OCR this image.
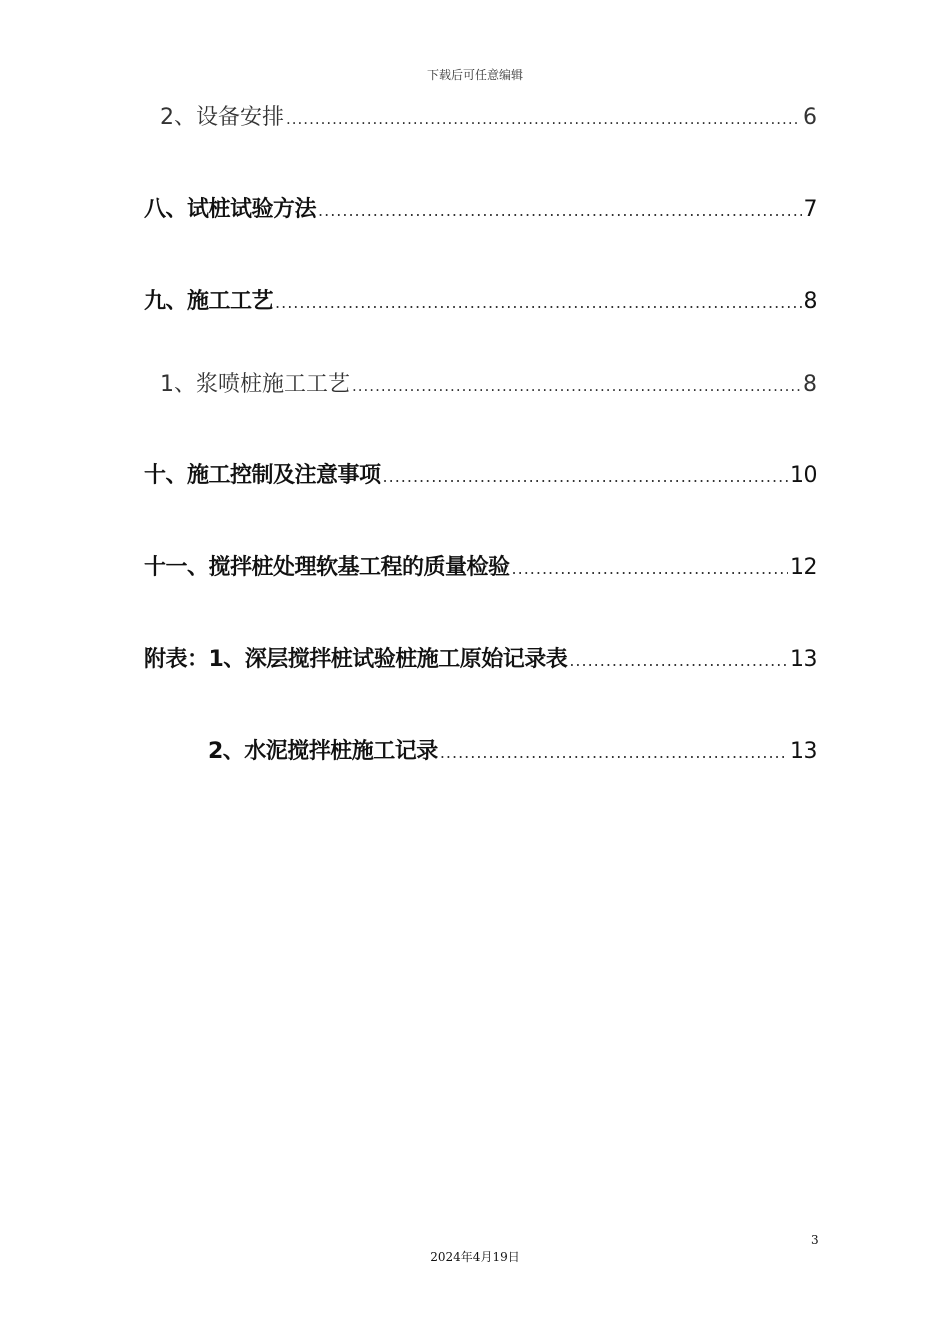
下载后可任意编辑
2、设备安排 .....	6
八、试桩试验方法 .....	7
九、施工工艺 .....	8
1、浆喷桩施工工艺 .....	8
十、施工控制及注意事项 .....	10
十一、搅拌桩处理软基工程的质量检验 .....	12
附表：1、深层搅拌桩试验桩施工原始记录表 .....	13
2、水泥搅拌桩施工记录 .....	13
3
2024年4月19日
